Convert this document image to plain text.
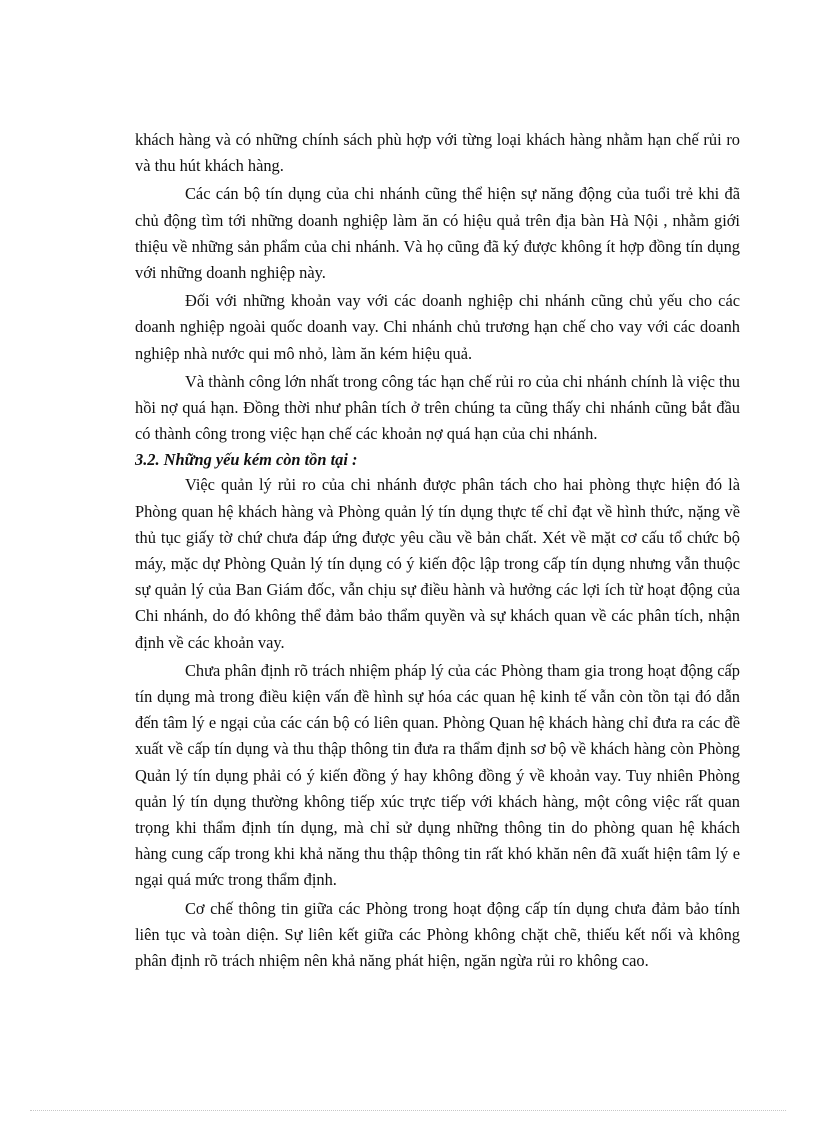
khách hàng và có những chính sách phù hợp với từng loại khách hàng nhằm hạn chế rủi ro và thu hút khách hàng.

Các cán bộ tín dụng của chi nhánh cũng thể hiện sự năng động của tuổi trẻ khi đã chủ động tìm tới những doanh nghiệp làm ăn có hiệu quả trên địa bàn Hà Nội , nhằm giới thiệu về những sản phẩm của chi nhánh. Và họ cũng đã ký được không ít hợp đồng tín dụng với những doanh nghiệp này.

Đối với những khoản vay với các doanh nghiệp chi nhánh cũng chủ yếu cho các doanh nghiệp ngoài quốc doanh vay. Chi nhánh chủ trương hạn chế cho vay với các doanh nghiệp nhà nước qui mô nhỏ, làm ăn kém hiệu quả.

Và thành công lớn nhất trong công tác hạn chế rủi ro của chi nhánh chính là việc thu hồi nợ quá hạn. Đồng thời như phân tích ở trên chúng ta cũng thấy chi nhánh cũng bắt đầu có thành công trong việc hạn chế các khoản nợ quá hạn của chi nhánh.

3.2. Những yếu kém còn tồn tại :

Việc quản lý rủi ro của chi nhánh được phân tách cho hai phòng thực hiện đó là Phòng quan hệ khách hàng và Phòng quản lý tín dụng thực tế chỉ đạt về hình thức, nặng về thủ tục giấy tờ chứ chưa đáp ứng được yêu cầu về bản chất. Xét về mặt cơ cấu tổ chức bộ máy, mặc dự Phòng Quản lý tín dụng có ý kiến độc lập trong cấp tín dụng nhưng vẫn thuộc sự quản lý của Ban Giám đốc, vẫn chịu sự điều hành và hưởng các lợi ích từ hoạt động của Chi nhánh, do đó không thể đảm bảo thẩm quyền và sự khách quan về các phân tích, nhận định về các khoản vay.

Chưa phân định rõ trách nhiệm pháp lý của các Phòng tham gia trong hoạt động cấp tín dụng mà trong điều kiện vấn đề hình sự hóa các quan hệ kinh tế vẫn còn tồn tại đó dẫn đến tâm lý e ngại của các cán bộ có liên quan. Phòng Quan hệ khách hàng chỉ đưa ra các đề xuất về cấp tín dụng và thu thập thông tin đưa ra thẩm định sơ bộ về khách hàng còn Phòng Quản lý tín dụng phải có ý kiến đồng ý hay không đồng ý về khoản vay. Tuy nhiên Phòng quản lý tín dụng thường không tiếp xúc trực tiếp với khách hàng, một công việc rất quan trọng khi thẩm định tín dụng, mà chỉ sử dụng những thông tin do phòng quan hệ khách hàng cung cấp trong khi khả năng thu thập thông tin rất khó khăn nên đã xuất hiện tâm lý e ngại quá mức trong thẩm định.

Cơ chế thông tin giữa các Phòng trong hoạt động cấp tín dụng chưa đảm bảo tính liên tục và toàn diện. Sự liên kết giữa các Phòng không chặt chẽ, thiếu kết nối và không phân định rõ trách nhiệm nên khả năng phát hiện, ngăn ngừa rủi ro không cao.
